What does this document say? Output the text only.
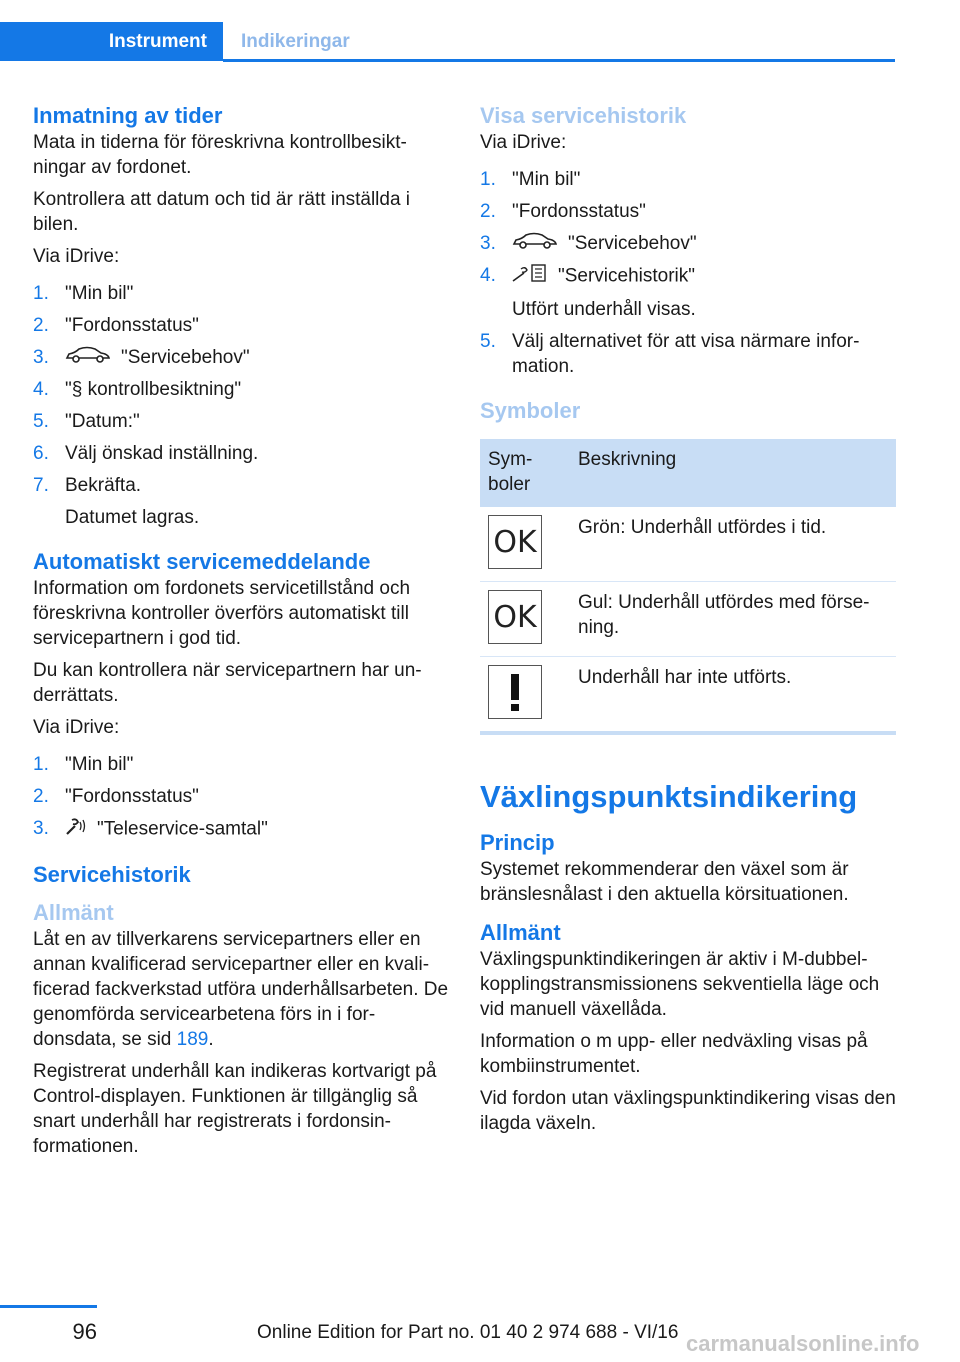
Instrument	Indikeringar
Inmatning av tider

Mata in tiderna för föreskrivna kontrollbesikt-ningar av fordonet.

Kontrollera att datum och tid är rätt inställda i bilen.

Via iDrive:

1. "Min bil"
2. "Fordonsstatus"
3.	"Servicebehov"
4. "§ kontrollbesiktning"
5. "Datum:"
6. Välj önskad inställning.
7. Bekräfta.
Datumet lagras.
Automatiskt servicemeddelande

Information om fordonets servicetillstånd och föreskrivna kontroller överförs automatiskt till servicepartnern i god tid.

Du kan kontrollera när servicepartnern har un-derrättats.

Via iDrive:

1. "Min bil"
2. "Fordonsstatus"
3.	"Teleservice-samtal"
Servicehistorik
Allmänt

Låt en av tillverkarens servicepartners eller en annan kvalificerad servicepartner eller en kvali-ficerad fackverkstad utföra underhållsarbeten. De genomförda servicearbetena förs in i for-donsdata, se sid 189.

Registrerat underhåll kan indikeras kortvarigt på Control-displayen. Funktionen är tillgänglig så snart underhåll har registrerats i fordonsin-formationen.

Visa servicehistorik

Via iDrive:

1. "Min bil"
2. "Fordonsstatus"
3.	"Servicebehov"
4.	"Servicehistorik"
Utfört underhåll visas.
5. Välj alternativet för att visa närmare infor-mation.
Symboler
Sym-boler	Beskrivning

OK	Grön: Underhåll utfördes i tid.

OK	Gul: Underhåll utfördes med förse-ning.

	Underhåll har inte utförts.
Växlingspunktsindikering
Princip

Systemet rekommenderar den växel som är bränslesnålast i den aktuella körsituationen.

Allmänt

Växlingspunktindikeringen är aktiv i M-dubbel-kopplingstransmissionens sekventiella läge och vid manuell växellåda.

Information o m upp- eller nedväxling visas på kombiinstrumentet.

Vid fordon utan växlingspunktindikering visas den ilagda växeln.

96	Online Edition for Part no. 01 40 2 974 688 - VI/16 carmanualsonline.info
